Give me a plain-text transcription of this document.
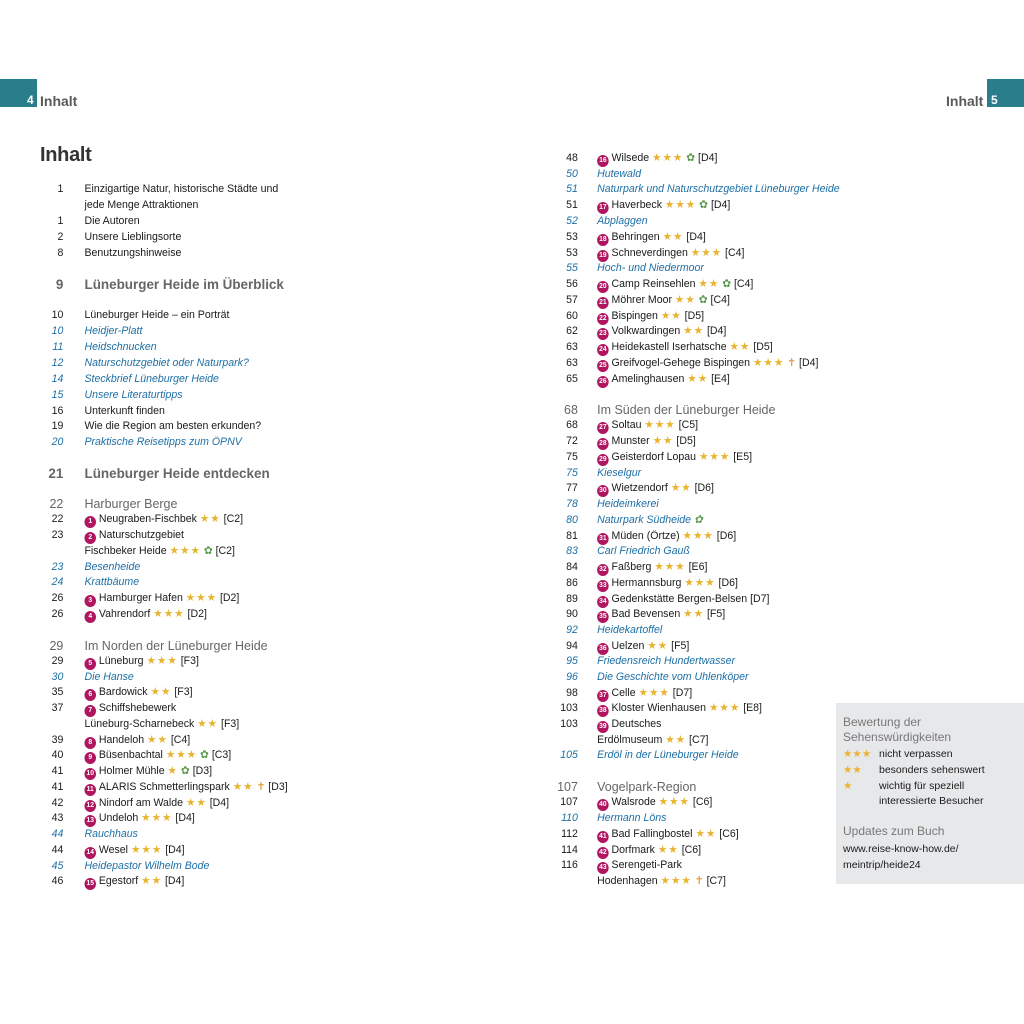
4 Inhalt	Inhalt 5
Inhalt
1 Einzigartige Natur, historische Städte und
jede Menge Attraktionen
1 Die Autoren
2 Unsere Lieblingsorte
8 Benutzungshinweise
9 Lüneburger Heide im Überblick
10 Lüneburger Heide – ein Porträt
10 Heidjer-Platt
11 Heidschnucken
12 Naturschutzgebiet oder Naturpark?
14 Steckbrief Lüneburger Heide
15 Unsere Literaturtipps
16 Unterkunft finden
19 Wie die Region am besten erkunden?
20 Praktische Reisetipps zum ÖPNV
21 Lüneburger Heide entdecken
22 Harburger Berge
22	1 Neugraben-Fischbek ★★ [C2]
23	2 Naturschutzgebiet
Fischbeker Heide ★★★ ✿ [C2]
23 Besenheide
24 Krattbäume
26	3 Hamburger Hafen ★★★ [D2]
26	4 Vahrendorf ★★★ [D2]
29 Im Norden der Lüneburger Heide
29	5 Lüneburg ★★★ [F3]
30 Die Hanse
35	6 Bardowick ★★ [F3]
37	7 Schiffshebewerk
Lüneburg-Scharnebeck ★★ [F3]
39	8 Handeloh ★★ [C4]
40	9 Büsenbachtal ★★★ ✿ [C3]
41	10 Holmer Mühle ★ ✿ [D3]
41	11 ALARIS Schmetterlingspark ★★ ✝ [D3]
42	12 Nindorf am Walde ★★ [D4]
43	13 Undeloh ★★★ [D4]
44 Rauchhaus
44	14 Wesel ★★★ [D4]
45 Heidepastor Wilhelm Bode
46	15 Egestorf ★★ [D4]
48	16 Wilsede ★★★ ✿ [D4]
50 Hutewald
51 Naturpark und Naturschutzgebiet Lüneburger Heide
51	17 Haverbeck ★★★ ✿ [D4]
52 Abplaggen
53	18 Behringen ★★ [D4]
53	19 Schneverdingen ★★★ [C4]
55 Hoch- und Niedermoor
56	20 Camp Reinsehlen ★★ ✿ [C4]
57	21 Möhrer Moor ★★ ✿ [C4]
60	22 Bispingen ★★ [D5]
62	23 Volkwardingen ★★ [D4]
63	24 Heidekastell Iserhatsche ★★ [D5]
63	25 Greifvogel-Gehege Bispingen ★★★ ✝ [D4]
65	26 Amelinghausen ★★ [E4]
68 Im Süden der Lüneburger Heide
68	27 Soltau ★★★ [C5]
72	28 Munster ★★ [D5]
75	29 Geisterdorf Lopau ★★★ [E5]
75 Kieselgur
77	30 Wietzendorf ★★ [D6]
78 Heideimkerei
80 Naturpark Südheide ✿
81	31 Müden (Örtze) ★★★ [D6]
83 Carl Friedrich Gauß
84	32 Faßberg ★★★ [E6]
86	33 Hermannsburg ★★★ [D6]
89	34 Gedenkstätte Bergen-Belsen [D7]
90	35 Bad Bevensen ★★ [F5]
92 Heidekartoffel
94	36 Uelzen ★★ [F5]
95 Friedensreich Hundertwasser
96 Die Geschichte vom Uhlenköper
98	37 Celle ★★★ [D7]
103	38 Kloster Wienhausen ★★★ [E8]
103	39 Deutsches
Erdölmuseum ★★ [C7]
105 Erdöl in der Lüneburger Heide
107 Vogelpark-Region
107	40 Walsrode ★★★ [C6]
110 Hermann Löns
112	41 Bad Fallingbostel ★★ [C6]
114	42 Dorfmark ★★ [C6]
116	43 Serengeti-Park
Hodenhagen ★★★ ✝ [C7]
Bewertung der
Sehenswürdigkeiten
★★★ nicht verpassen
★★ besonders sehenswert
★	wichtig für speziell
interessierte Besucher
Updates zum Buch
www.reise-know-how.de/
meintrip/heide24
